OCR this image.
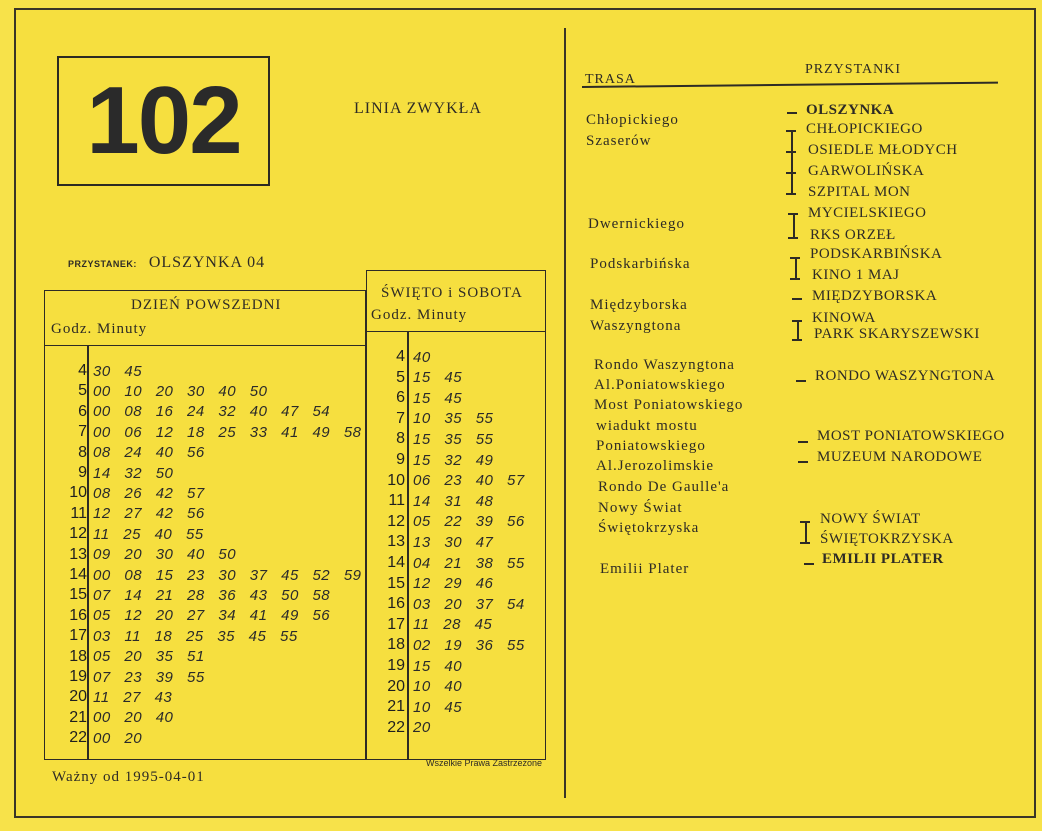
102	LINIA ZWYKŁA
PRZYSTANEK: OLSZYNKA 04
DZIEŃ POWSZEDNI
Godz. Minuty
4 30 45
5 00 10 20 30 40 50
6 00 08 16 24 32 40 47 54
7 00 06 12 18 25 33 41 49 58
8 08 24 40 56
9 14 32 50
10 08 26 42 57
11 12 27 42 56
12 11 25 40 55
13 09 20 30 40 50
14 00 08 15 23 30 37 45 52 59
15 07 14 21 28 36 43 50 58
16 05 12 20 27 34 41 49 56
17 03 11 18 25 35 45 55
18 05 20 35 51
19 07 23 39 55
20 11 27 43
21 00 20 40
22 00 20
ŚWIĘTO i SOBOTA
Godz. Minuty
4 40
5 15 45
6 15 45
7 10 35 55
8 15 35 55
9 15 32 49
10 06 23 40 57
11 14 31 48
12 05 22 39 56
13 13 30 47
14 04 21 38 55
15 12 29 46
16 03 20 37 54
17 11 28 45
18 02 19 36 55
19 15 40
20 10 40
21 10 45
22 20
Ważny od 1995-04-01
Wszelkie Prawa Zastrzeżone
TRASA
PRZYSTANKI
Chłopickiego
Szaserów
Dwernickiego
Podskarbińska
Międzyborska
Waszyngtona
Rondo Waszyngtona
Al.Poniatowskiego
Most Poniatowskiego
wiadukt mostu
Poniatowskiego
Al.Jerozolimskie
Rondo De Gaulle'a
Nowy Świat
Świętokrzyska
Emilii Plater
OLSZYNKA
CHŁOPICKIEGO
OSIEDLE MŁODYCH
GARWOLIŃSKA
SZPITAL MON
MYCIELSKIEGO
RKS ORZEŁ
PODSKARBIŃSKA
KINO 1 MAJ
MIĘDZYBORSKA
KINOWA
PARK SKARYSZEWSKI
RONDO WASZYNGTONA
MOST PONIATOWSKIEGO
MUZEUM NARODOWE
NOWY ŚWIAT
ŚWIĘTOKRZYSKA
EMILII PLATER
